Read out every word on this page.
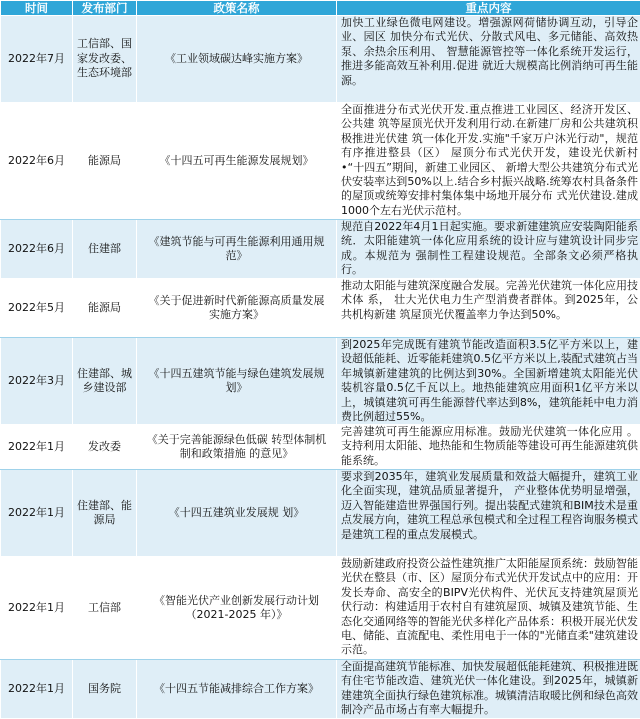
时间	发布部门	政策名称	重点内容
2022年7月	工信部、国家发改委、生态环境部	《工业领域碳达峰实施方案》	加快工业绿色微电网建设。增强源网荷储协调互动，引导企业、园区 加快分布式光伏、分散式风电、多元储能、高效热泵、余热余压利用、 智慧能源管控等一体化系统开发运行，推进多能高效互补利用.促进 就近大规模高比例消纳可再生能源。

2022年6月	能源局	《十四五可再生能源发展规划》	全面推进分布式光伏开发.重点推进工业园区、经济开发区、公共建 筑等屋顶光伏开发利用行动.在新建厂房和公共建筑积极推进光伏建 筑一体化开发.实施"千家万户沐光行动"，规范有序推进整县（区） 屋顶分布式光伏开发，建设光伏新村•“十四五”期间，新建工业园区、 新增大型公共建筑分布式光伏安装率达到50%以上.结合乡村振兴战略.统筹农村具备条件的屋顶或统筹安排村集体集中场地开展分布 式光伏建设.建成1000个左右光伏示范村。

2022年6月	住建部	《建筑节能与可再生能源利用通用规范》	规范自2022年4月1日起实施。要求新建建筑应安装陶阳能系统．太阳能建筑一体化应用系统的设计应与建筑设计同步完成。本规范为 强制性工程建设规范。全部条文必须严格执行。

2022年5月	能源局	《关于促进新时代新能源高质量发展实施方案》	推动太阳能与建筑深度融合发展。完善光伏建筑一体化应用技术体 系， 壮大光伏电力生产型消费者群体。到2025年，公共机构新建 筑屋顶光伏覆盖率力争达到50%。

2022年3月	住建部、城乡建设部	《十四五建筑节能与绿色建筑发展规划》	到2025年完成既有建筑节能改造面积3.5亿平方米以上，建设超低能耗、近零能耗建筑0.5亿平方米以上,装配式建筑占当年城镇新建建筑的比例达到30%。全国新增建筑太阳能光伏装机容量0.5亿千瓦以上。地热能建筑应用面积1亿平方米以上，城镇建筑可再生能源替代率达到8%，建筑能耗中电力消费比例超过55%。

2022年1月	发改委	《关于完善能源绿色低碳 转型体制机制和政策措施 的意见》	完善建筑可再生能源应用标准。鼓励光伏建筑一体化应用 。支持利用太阳能、地热能和生物质能等建设可再生能源建筑供能系统。

2022年1月	住建部、能源局	《十四五建筑业发展规 划》	要求到2035年，建筑业发展质量和效益大幅提升，建筑工业化全面实现，建筑品质显著提升， 产业整体优势明显增强，迈入智能建造世界强国行列。提出装配式建筑和BIM技术是重点发展方向，建筑工程总承包模式和全过程工程咨询服务模式是建筑工程的重点发展模式。

2022年1月	工信部	《智能光伏产业创新发展行动计划（2021-2025 年）》	鼓励新建政府投资公益性建筑推广太阳能屋顶系统：鼓励智能光伏在整县（市、区）屋顶分布式光伏开发试点中的应用：开发长寿命、高安全的BIPV光伏构件、光伏瓦支持建筑屋顶光伏行动：构建适用于农村自有建筑屋顶、城镇及建筑节能、生态化交通网络等的智能光伏多样化产品体系：积极开展光伏发电、储能、直流配电、柔性用电于一体的"光储直柔"建筑建设示范。

2022年1月	国务院	《十四五节能减排综合工作方案》	全面提高建筑节能标准、加快发展超低能耗建筑、积极推进既有住宅节能改造、建筑光伏一体化建设。到2025年，城镇新建建筑全面执行绿色建筑标准。城镇清洁取暖比例和绿色高效制冷产品市场占有率大幅提升。
